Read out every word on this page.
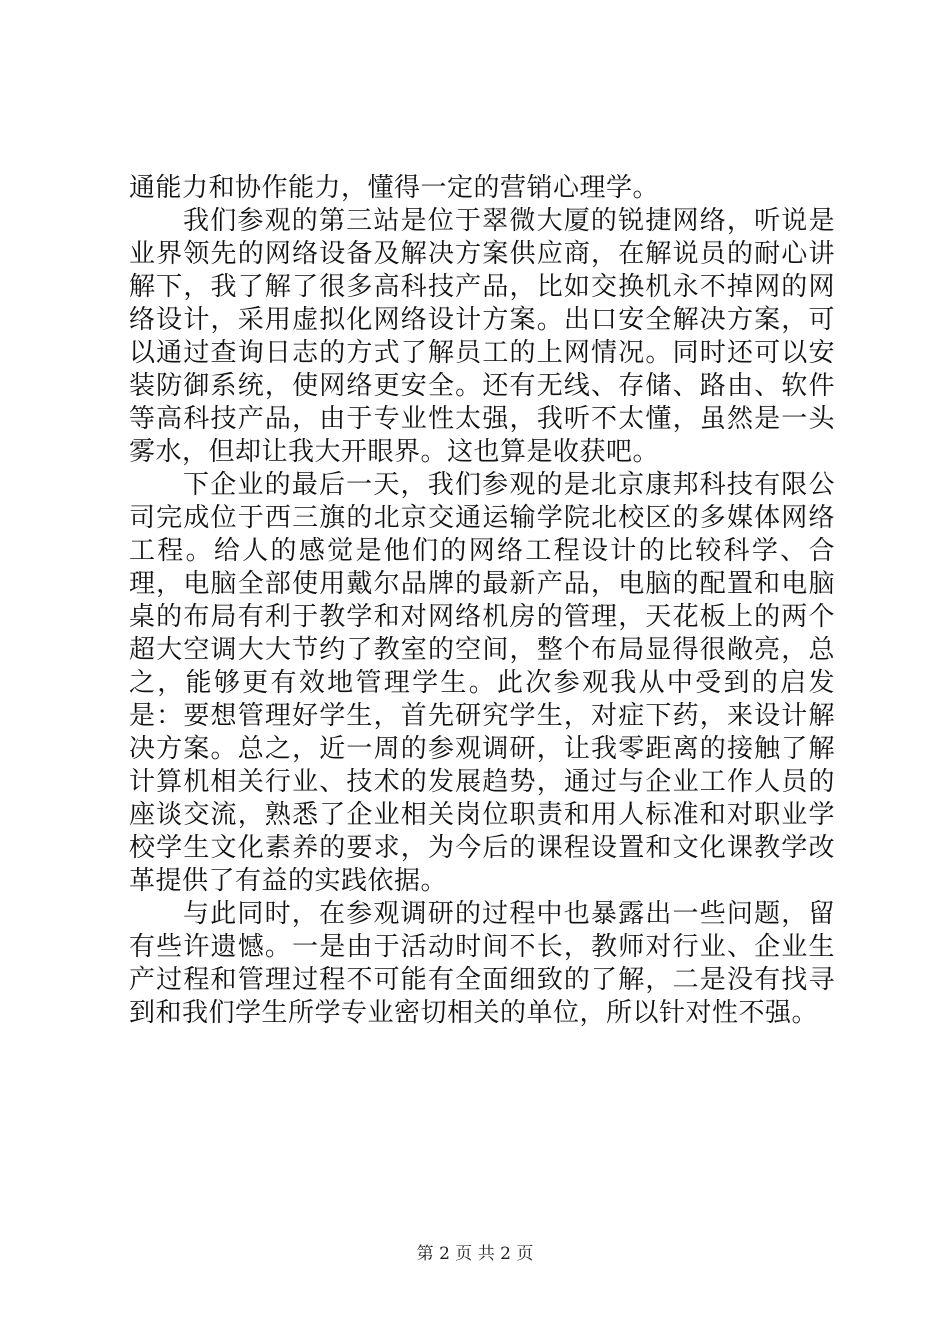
通能力和协作能力，懂得一定的营销心理学。

我们参观的第三站是位于翠微大厦的锐捷网络，听说是业界领先的网络设备及解决方案供应商，在解说员的耐心讲解下，我了解了很多高科技产品，比如交换机永不掉网的网络设计，采用虚拟化网络设计方案。出口安全解决方案，可以通过查询日志的方式了解员工的上网情况。同时还可以安装防御系统，使网络更安全。还有无线、存储、路由、软件等高科技产品，由于专业性太强，我听不太懂，虽然是一头雾水，但却让我大开眼界。这也算是收获吧。

下企业的最后一天，我们参观的是北京康邦科技有限公司完成位于西三旗的北京交通运输学院北校区的多媒体网络工程。给人的感觉是他们的网络工程设计的比较科学、合理，电脑全部使用戴尔品牌的最新产品，电脑的配置和电脑桌的布局有利于教学和对网络机房的管理，天花板上的两个超大空调大大节约了教室的空间，整个布局显得很敞亮，总之，能够更有效地管理学生。此次参观我从中受到的启发是：要想管理好学生，首先研究学生，对症下药，来设计解决方案。总之，近一周的参观调研，让我零距离的接触了解计算机相关行业、技术的发展趋势，通过与企业工作人员的座谈交流，熟悉了企业相关岗位职责和用人标准和对职业学校学生文化素养的要求，为今后的课程设置和文化课教学改革提供了有益的实践依据。

与此同时，在参观调研的过程中也暴露出一些问题，留有些许遗憾。一是由于活动时间不长，教师对行业、企业生产过程和管理过程不可能有全面细致的了解，二是没有找寻到和我们学生所学专业密切相关的单位，所以针对性不强。

第 2 页 共 2 页
